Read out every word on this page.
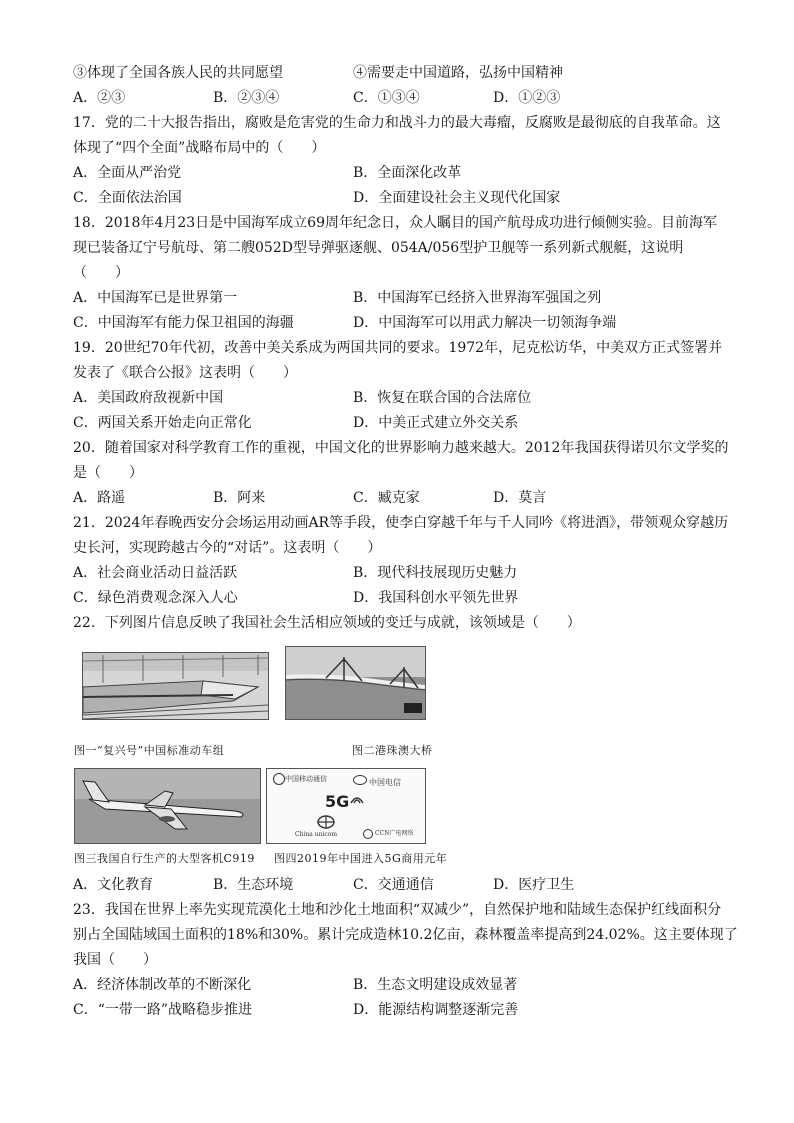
③体现了全国各族人民的共同愿望	④需要走中国道路，弘扬中国精神
A．②③	B．②③④	C．①③④	D．①②③
17．党的二十大报告指出，腐败是危害党的生命力和战斗力的最大毒瘤，反腐败是最彻底的自我革命。这
体现了“四个全面”战略布局中的（　　）
A．全面从严治党	B．全面深化改革
C．全面依法治国	D．全面建设社会主义现代化国家
18．2018年4月23日是中国海军成立69周年纪念日，众人瞩目的国产航母成功进行倾侧实验。目前海军
现已装备辽宁号航母、第二艘052D型导弹驱逐舰、054A/056型护卫舰等一系列新式舰艇，这说明
（　　）
A．中国海军已是世界第一	B．中国海军已经挤入世界海军强国之列
C．中国海军有能力保卫祖国的海疆	D．中国海军可以用武力解决一切领海争端
19．20世纪70年代初，改善中美关系成为两国共同的要求。1972年，尼克松访华，中美双方正式签署并
发表了《联合公报》这表明（　　）
A．美国政府敌视新中国	B．恢复在联合国的合法席位
C．两国关系开始走向正常化	D．中美正式建立外交关系
20．随着国家对科学教育工作的重视，中国文化的世界影响力越来越大。2012年我国获得诺贝尔文学奖的
是（　　）
A．路遥	B．阿来	C．臧克家	D．莫言
21．2024年春晚西安分会场运用动画AR等手段，使李白穿越千年与千人同吟《将进酒》，带领观众穿越历
史长河，实现跨越古今的“对话”。这表明（　　）
A．社会商业活动日益活跃	B．现代科技展现历史魅力
C．绿色消费观念深入人心	D．我国科创水平领先世界
22．下列图片信息反映了我国社会生活相应领域的变迁与成就，该领域是（　　）
图一“复兴号”中国标准动车组	图二港珠澳大桥
中国移动通信	中国电信
5G
China unicom	CCN广电网络
图三我国自行生产的大型客机C919 图四2019年中国进入5G商用元年
A．文化教育	B．生态环境	C．交通通信	D．医疗卫生
23．我国在世界上率先实现荒漠化土地和沙化土地面积“双减少”，自然保护地和陆域生态保护红线面积分
别占全国陆域国土面积的18%和30%。累计完成造林10.2亿亩，森林覆盖率提高到24.02%。这主要体现了
我国（　　）
A．经济体制改革的不断深化	B．生态文明建设成效显著
C．“一带一路”战略稳步推进	D．能源结构调整逐渐完善
